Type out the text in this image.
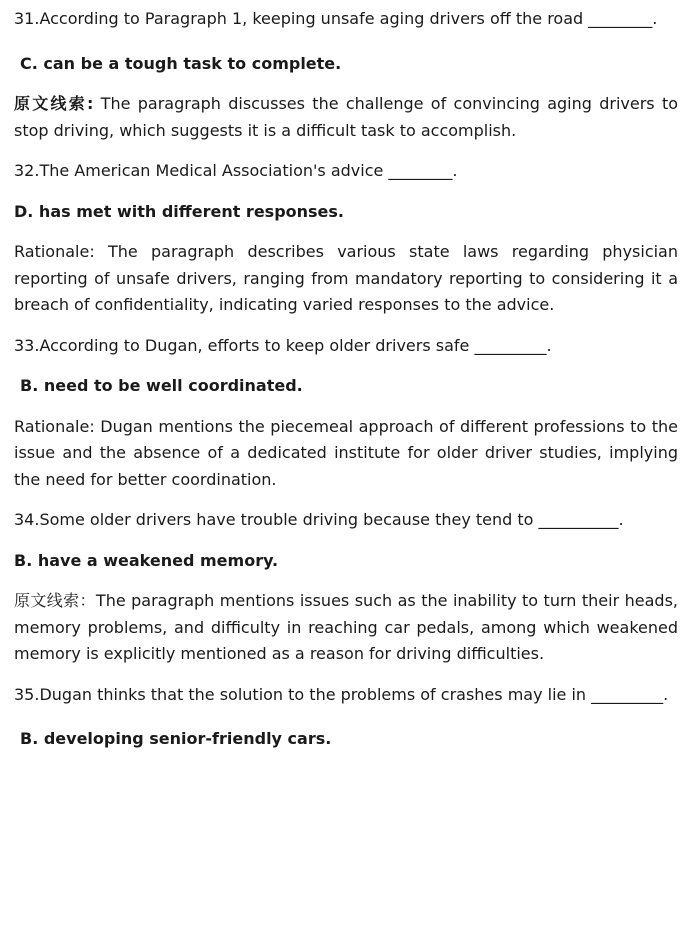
31.According to Paragraph 1, keeping unsafe aging drivers off the road ________.

C. can be a tough task to complete.

原文线索: The paragraph discusses the challenge of convincing aging drivers to stop driving, which suggests it is a difficult task to accomplish.

32.The American Medical Association's advice ________.

D. has met with different responses.

Rationale: The paragraph describes various state laws regarding physician reporting of unsafe drivers, ranging from mandatory reporting to considering it a breach of confidentiality, indicating varied responses to the advice.

33.According to Dugan, efforts to keep older drivers safe _________.

B. need to be well coordinated.

Rationale: Dugan mentions the piecemeal approach of different professions to the issue and the absence of a dedicated institute for older driver studies, implying the need for better coordination.

34.Some older drivers have trouble driving because they tend to __________.

B. have a weakened memory.

原文线索：The paragraph mentions issues such as the inability to turn their heads, memory problems, and difficulty in reaching car pedals, among which weakened memory is explicitly mentioned as a reason for driving difficulties.

35.Dugan thinks that the solution to the problems of crashes may lie in _________.

B. developing senior-friendly cars.
